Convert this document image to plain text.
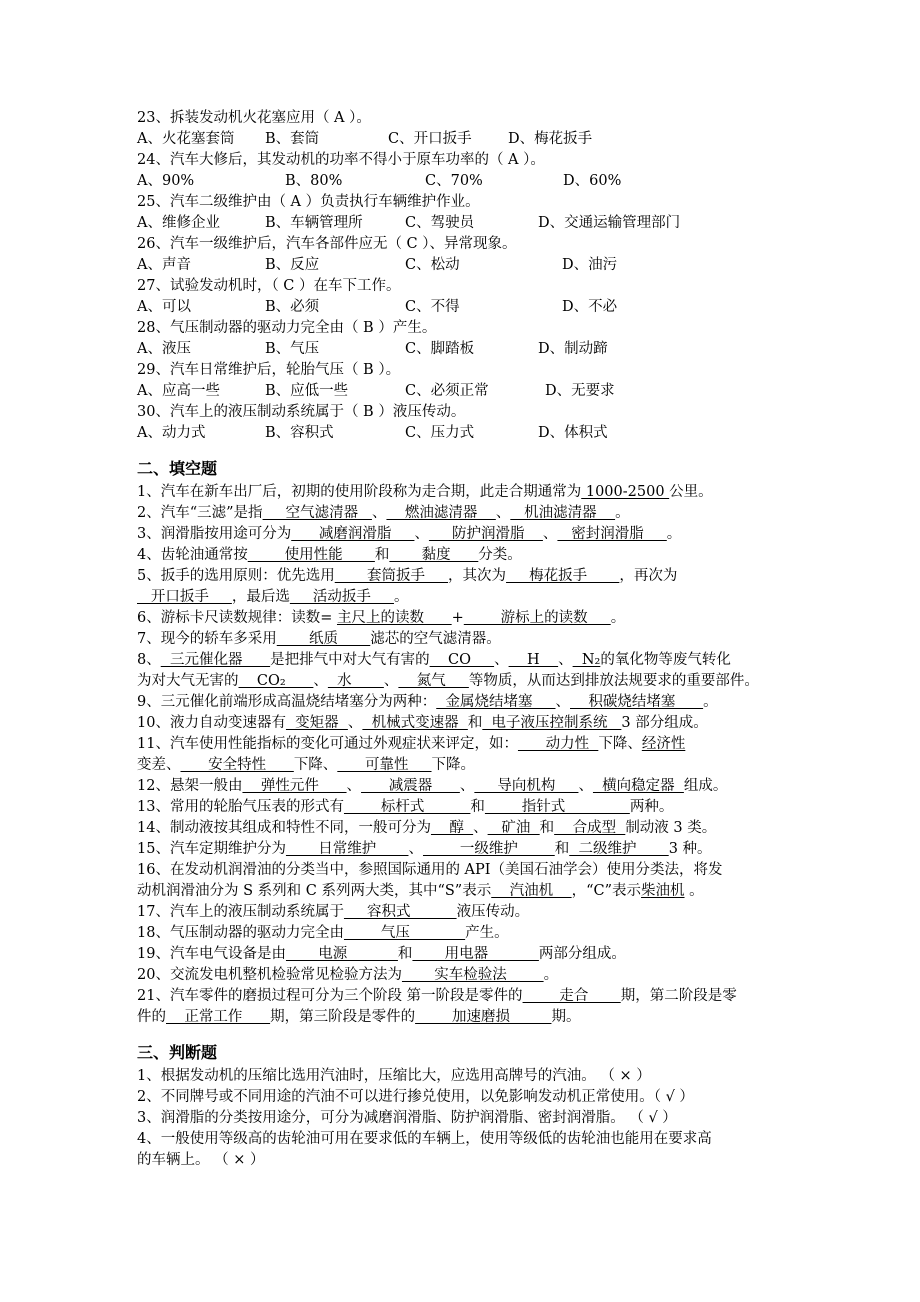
23、拆装发动机火花塞应用（ A ）。
A、火花塞套筒 B、套筒	C、开口扳手	D、梅花扳手
24、汽车大修后，其发动机的功率不得小于原车功率的（ A ）。
A、90%	B、80%	C、70%	D、60%
25、汽车二级维护由（ A ）负责执行车辆维护作业。
A、维修企业	B、车辆管理所	C、驾驶员	D、交通运输管理部门
26、汽车一级维护后，汽车各部件应无（ C ）、异常现象。
A、声音	B、反应	C、松动	D、油污
27、试验发动机时，（ C ）在车下工作。
A、可以	B、必须	C、不得	D、不必
28、气压制动器的驱动力完全由（ B ）产生。
A、液压	B、气压	C、脚踏板	D、制动蹄
29、汽车日常维护后，轮胎气压（ B ）。
A、应高一些	B、应低一些	C、必须正常	D、无要求
30、汽车上的液压制动系统属于（ B ）液压传动。
A、动力式	B、容积式	C、压力式	D、体积式
二、填空题
1、汽车在新车出厂后，初期的使用阶段称为走合期，此走合期通常为 1000-2500 公里。
2、汽车“三滤”是指     空气滤清器   、    燃油滤清器    、   机油滤清器    。
3、润滑脂按用途可分为      减磨润滑脂     、     防护润滑脂    、   密封润滑脂     。
4、齿轮油通常按        使用性能       和       黏度      分类。
5、扳手的选用原则：优先选用       套筒扳手     ，其次为     梅花扳手       ，再次为
开口扳手     ，最后选     活动扳手     。
6、游标卡尺读数规律：读数= 主尺上的读数      +        游标上的读数     。
7、现今的轿车多采用       纸质       滤芯的空气滤清器。
8、  三元催化器      是把排气中对大气有害的    CO     、    H    、  N₂的氧化物等废气转化
为对大气无害的    CO₂      、  水       、    氮气     等物质，从而达到排放法规要求的重要部件。
9、三元催化前端形成高温烧结堵塞分为两种：  金属烧结堵塞     、    积碳烧结堵塞      。
10、液力自动变速器有  变矩器  、  机械式变速器  和  电子液压控制系统   3 部分组成。
11、汽车使用性能指标的变化可通过外观症状来评定，如：      动力性  下降、经济性
变差、      安全特性      下降、      可靠性     下降。
12、悬架一般由    弹性元件      、      减震器      、     导向机构     、  横向稳定器  组成。
13、常用的轮胎气压表的形式有        标杆式          和        指针式              两种。
14、制动液按其组成和特性不同，一般可分为    醇  、   矿油  和    合成型  制动液 3 类。
15、汽车定期维护分为       日常维护       、        一级维护        和  二级维护       3 种。
16、在发动机润滑油的分类当中，参照国际通用的 API（美国石油学会）使用分类法，将发
动机润滑油分为 S 系列和 C 系列两大类，其中“S”表示    汽油机    ，“C”表示柴油机 。
17、汽车上的液压制动系统属于     容积式          液压传动。
18、气压制动器的驱动力完全由        气压            产生。
19、汽车电气设备是由       电源           和       用电器           两部分组成。
20、交流发电机整机检验常见检验方法为       实车检验法        。
21、汽车零件的磨损过程可分为三个阶段 第一阶段是零件的        走合       期，第二阶段是零
件的    正常工作      期，第三阶段是零件的        加速磨损         期。
三、判断题
1、根据发动机的压缩比选用汽油时，压缩比大，应选用高牌号的汽油。 （ × ）
2、不同牌号或不同用途的汽油不可以进行掺兑使用，以免影响发动机正常使用。（ √ ）
3、润滑脂的分类按用途分，可分为减磨润滑脂、防护润滑脂、密封润滑脂。 （ √ ）
4、一般使用等级高的齿轮油可用在要求低的车辆上，使用等级低的齿轮油也能用在要求高
的车辆上。 （ × ）
